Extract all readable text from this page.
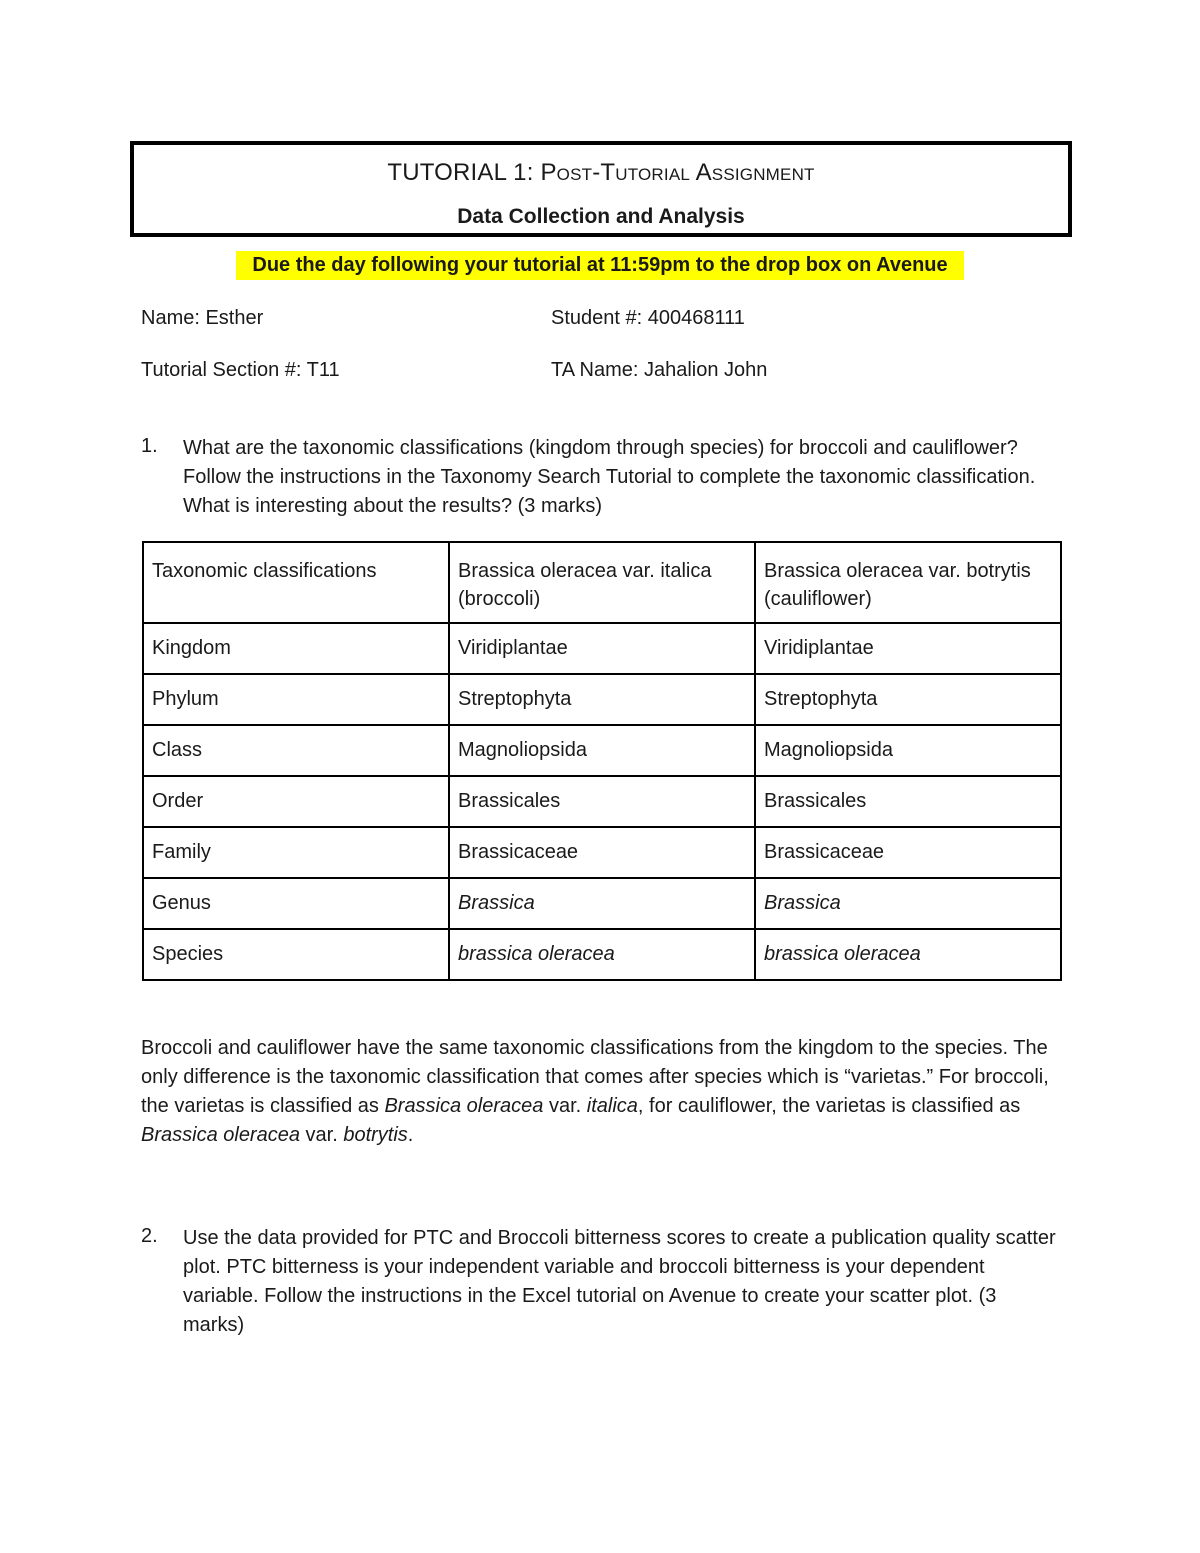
TUTORIAL 1: Post-Tutorial Assignment
Data Collection and Analysis
Due the day following your tutorial at 11:59pm to the drop box on Avenue
Name: Esther	Student #: 400468111
Tutorial Section #: T11	TA Name: Jahalion John
1. What are the taxonomic classifications (kingdom through species) for broccoli and cauliflower? Follow the instructions in the Taxonomy Search Tutorial to complete the taxonomic classification. What is interesting about the results? (3 marks)
Taxonomic classifications	Brassica oleracea var. italica (broccoli)	Brassica oleracea var. botrytis (cauliflower)
Kingdom	Viridiplantae	Viridiplantae
Phylum	Streptophyta	Streptophyta
Class	Magnoliopsida	Magnoliopsida
Order	Brassicales	Brassicales
Family	Brassicaceae	Brassicaceae
Genus	Brassica	Brassica
Species	brassica oleracea	brassica oleracea
Broccoli and cauliflower have the same taxonomic classifications from the kingdom to the species. The only difference is the taxonomic classification that comes after species which is “varietas.” For broccoli, the varietas is classified as Brassica oleracea var. italica, for cauliflower, the varietas is classified as Brassica oleracea var. botrytis.
2. Use the data provided for PTC and Broccoli bitterness scores to create a publication quality scatter plot. PTC bitterness is your independent variable and broccoli bitterness is your dependent variable. Follow the instructions in the Excel tutorial on Avenue to create your scatter plot. (3 marks)
